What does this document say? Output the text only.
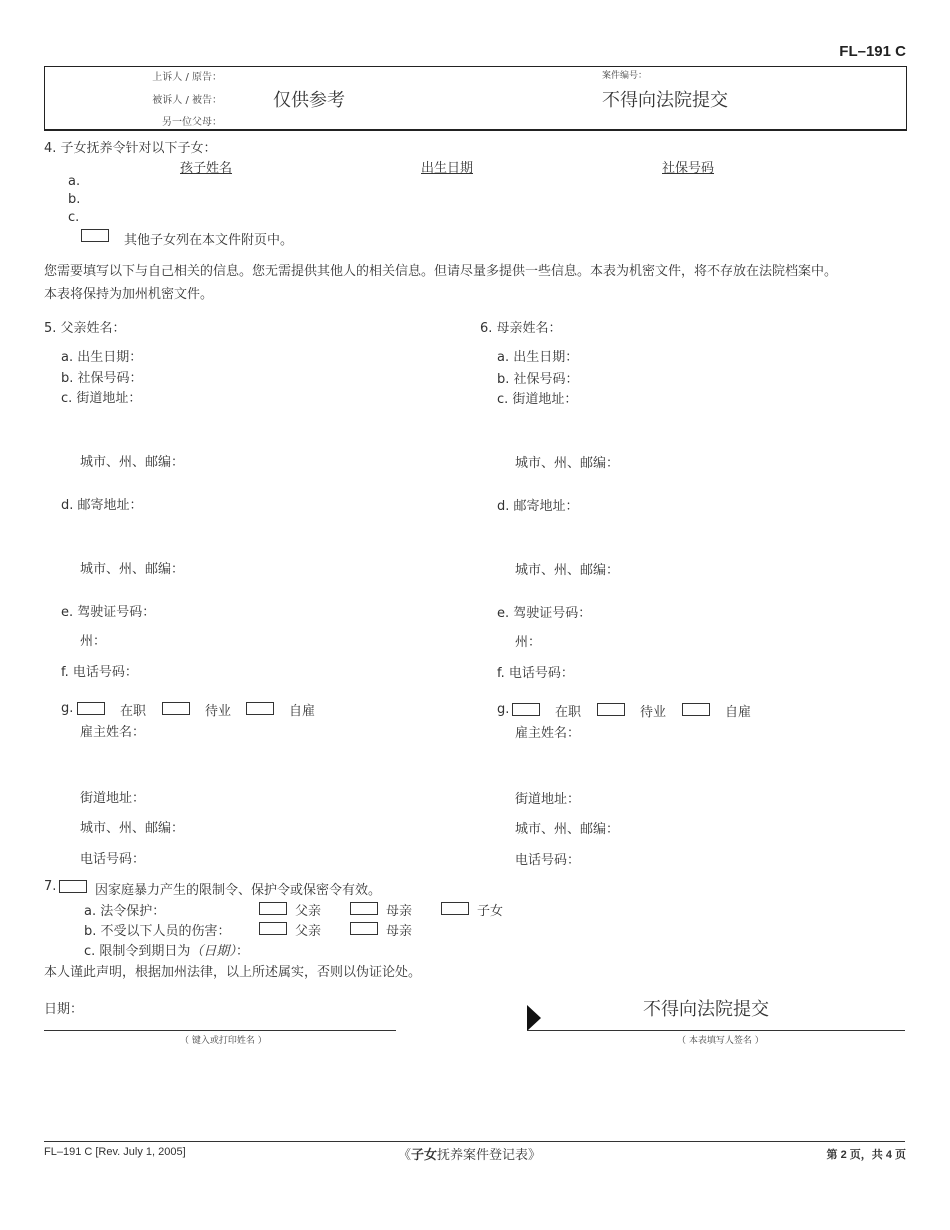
FL–191 C
上诉人 / 原告：
被诉人 / 被告：
另一位父母：
仅供参考
案件编号：
不得向法院提交
4. 子女抚养令针对以下子女：
孩子姓名	出生日期	社保号码
a.
b.
c.
其他子女列在本文件附页中。
您需要填写以下与自己相关的信息。您无需提供其他人的相关信息。但请尽量多提供一些信息。本表为机密文件，将不存放在法院档案中。
本表将保持为加州机密文件。
5. 父亲姓名：
a. 出生日期：
b. 社保号码：
c. 街道地址：
城市、州、邮编：
d. 邮寄地址：
城市、州、邮编：
e. 驾驶证号码：
州：
f. 电话号码：
g.	在职	待业	自雇
雇主姓名：
街道地址：
城市、州、邮编：
电话号码：
6. 母亲姓名：
a. 出生日期：
b. 社保号码：
c. 街道地址：
城市、州、邮编：
d. 邮寄地址：
城市、州、邮编：
e. 驾驶证号码：
州：
f. 电话号码：
g.	在职	待业	自雇
雇主姓名：
街道地址：
城市、州、邮编：
电话号码：
7.	因家庭暴力产生的限制令、保护令或保密令有效。
a. 法令保护：	父亲	母亲	子女
b. 不受以下人员的伤害：	父亲	母亲
c. 限制令到期日为（日期）：
本人谨此声明，根据加州法律，以上所述属实，否则以伪证论处。
日期：
（ 键入或打印姓名 ）
不得向法院提交
（ 本表填写人签名 ）
FL–191 C [Rev. July 1, 2005]	《子女抚养案件登记表》	第 2 页，共 4 页
